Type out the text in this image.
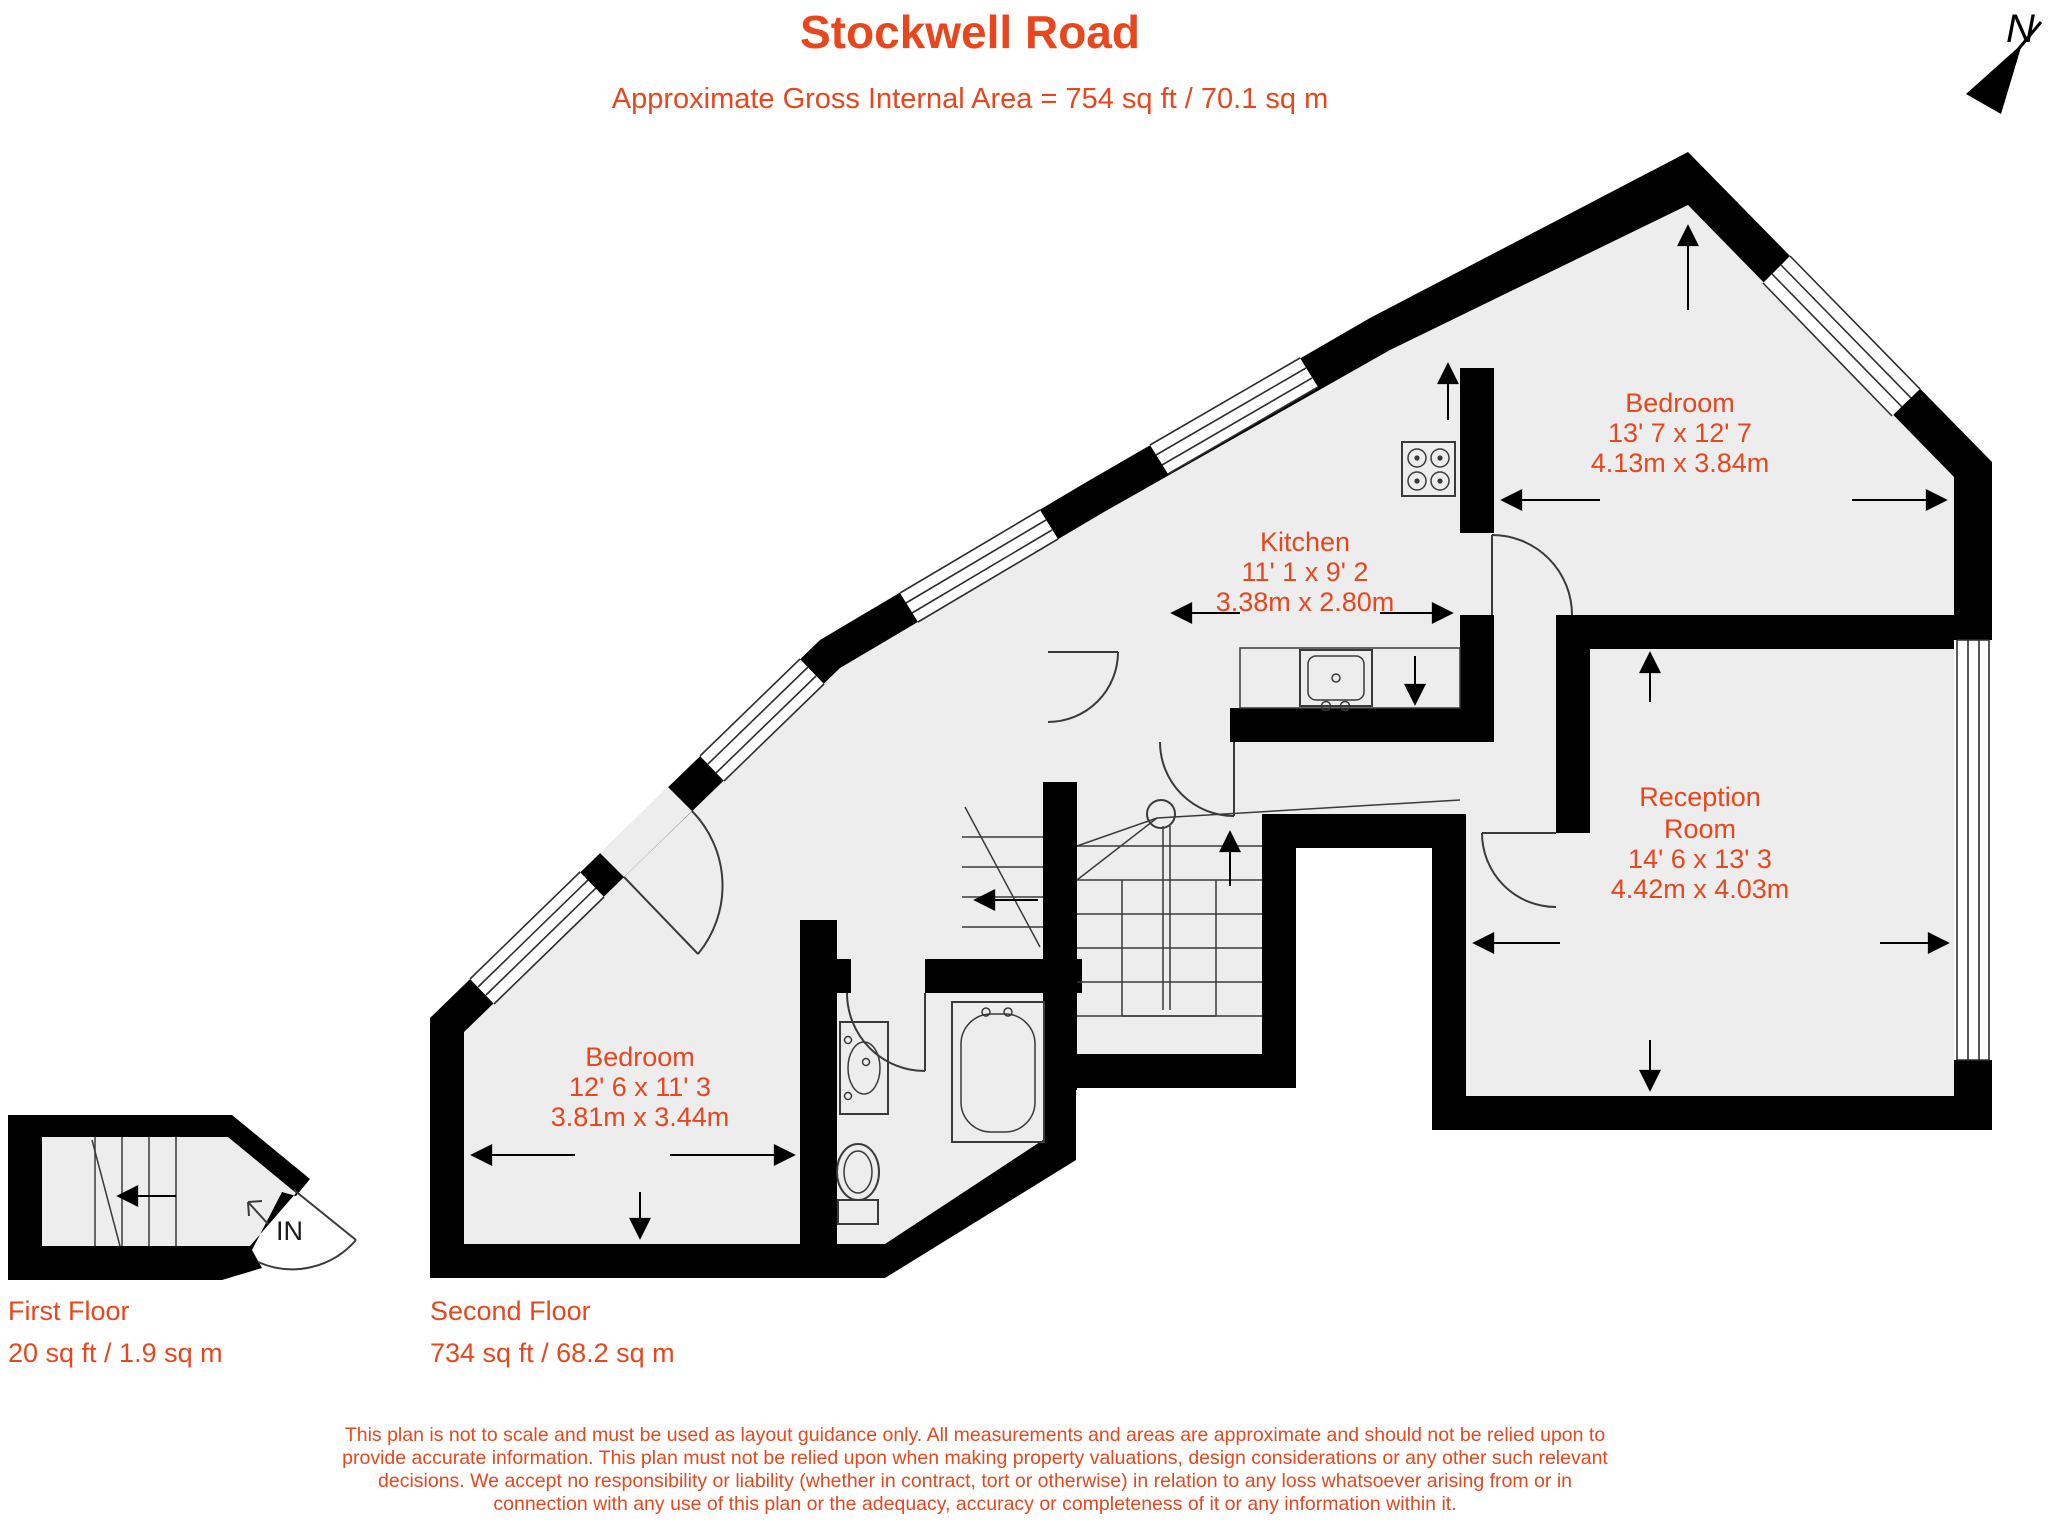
Stockwell Road
Approximate Gross Internal Area = 754 sq ft / 70.1 sq m
N
Bedroom
13' 7 x 12' 7
4.13m x 3.84m
Kitchen
11' 1 x 9' 2
3.38m x 2.80m
Reception
Room
14' 6 x 13' 3
4.42m x 4.03m
Bedroom
12' 6 x 11' 3
3.81m x 3.44m
IN
First Floor
20 sq ft / 1.9 sq m
Second Floor
734 sq ft / 68.2 sq m
This plan is not to scale and must be used as layout guidance only. All measurements and areas are approximate and should not be relied upon to
provide accurate information. This plan must not be relied upon when making property valuations, design considerations or any other such relevant
decisions. We accept no responsibility or liability (whether in contract, tort or otherwise) in relation to any loss whatsoever arising from or in
connection with any use of this plan or the adequacy, accuracy or completeness of it or any information within it.
